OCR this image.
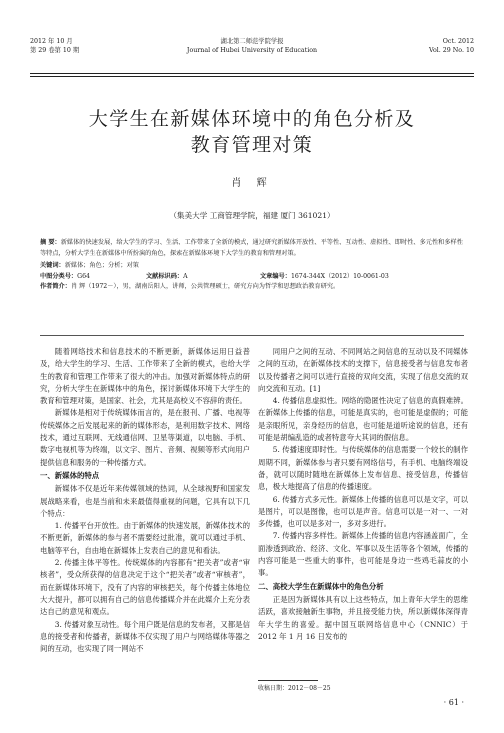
2012 年 10 月	湖北第二师范学院学报	Oct. 2012
第 29 卷第 10 期	Journal of Hubei University of Education	Vol. 29 No. 10
大学生在新媒体环境中的角色分析及
教育管理对策
肖 辉
（集美大学 工商管理学院，福建 厦门 361021）
摘 要：新媒体的快速发展，给大学生的学习、生活、工作带来了全新的模式，通过研究新媒体开放性、平等性、互动性、虚拟性、即时性、多元性和多样性等特点，分析大学生在新媒体中所扮演的角色，探索在新媒体环境下大学生的教育和管理对策。
关键词：新媒体；角色；分析；对策
中图分类号：G64	文献标识码：A	文章编号：1674-344X（2012）10-0061-03
作者简介：肖 辉（1972－），男，湖南岳阳人，讲师，公共管理硕士，研究方向为哲学和思想政治教育研究。

随着网络技术和信息技术的不断更新，新媒体运用日益普及，给大学生的学习、生活、工作带来了全新的模式，也给大学生的教育和管理工作带来了很大的冲击。加强对新媒体特点的研究，分析大学生在新媒体中的角色，探讨新媒体环境下大学生的教育和管理对策，是国家、社会，尤其是高校义不容辞的责任。

新媒体是相对于传统媒体而言的，是在报刊、广播、电视等传统媒体之后发展起来的新的媒体形态，是利用数字技术、网络技术，通过互联网、无线通信网、卫星等渠道，以电脑、手机、数字电视机等为终端，以文字、图片、音频、视频等形式向用户提供信息和服务的一种传播方式。

一、新媒体的特点

新媒体不仅是近年来传媒领域的热词，从全球视野和国家发展战略来看，也是当前和未来最值得重视的问题，它具有以下几个特点：

1. 传播平台开放性。由于新媒体的快速发展，新媒体技术的不断更新，新媒体的参与者不需要经过批准，就可以通过手机、电脑等平台，自由地在新媒体上发表自己的意见和看法。

2. 传播主体平等性。传统媒体的内容都有“把关者”或者“审核者”，受众所获得的信息决定于这个“把关者”或者“审核者”，而在新媒体环境下，没有了内容的审核把关，每个传播主体地位大大提升，都可以拥有自己的信息传播媒介并在此媒介上充分表达自己的意见和观点。

3. 传播对象互动性。每个用户既是信息的发布者，又都是信息的接受者和传播者，新媒体不仅实现了用户与网络媒体等器之间的互动，也实现了同一网站不

同用户之间的互动、不同网站之间信息的互动以及不同媒体之间的互动，在新媒体技术的支撑下，信息接受者与信息发布者以及传播者之间可以进行直接的双向交流，实现了信息交流的双向交流和互动。[1]

4. 传播信息虚拟性。网络的隐匿性决定了信息的真假难辨。在新媒体上传播的信息，可能是真实的，也可能是虚假的；可能是亲眼所见，亲身经历的信息，也可能是道听途说的信息，还有可能是胡编乱造的或者特意夸大其词的假信息。

5. 传播速度即时性。与传统媒体的信息需要一个较长的制作周期不同，新媒体参与者只要有网络信号，有手机、电脑终端设备，就可以随时随地在新媒体上发布信息、接受信息，传播信息，极大地提高了信息的传播速度。

6. 传播方式多元性。新媒体上传播的信息可以是文字，可以是图片，可以是图像，也可以是声音。信息可以是一对一、一对多传播，也可以是多对一，多对多进行。

7. 传播内容多样性。新媒体上传播的信息内容涵盖面广，全面渗透到政治、经济、文化、军事以及生活等各个领域，传播的内容可能是一些重大的事件，也可能是身边一些鸡毛蒜皮的小事。

二、高校大学生在新媒体中的角色分析

正是因为新媒体具有以上这些特点，加上青年大学生的思维活跃，喜欢接触新生事物，并且接受能力快，所以新媒体深得青年大学生的喜爱。据中国互联网络信息中心（CNNIC）于 2012 年 1 月 16 日发布的

收稿日期：2012－08－25
· 61 ·
